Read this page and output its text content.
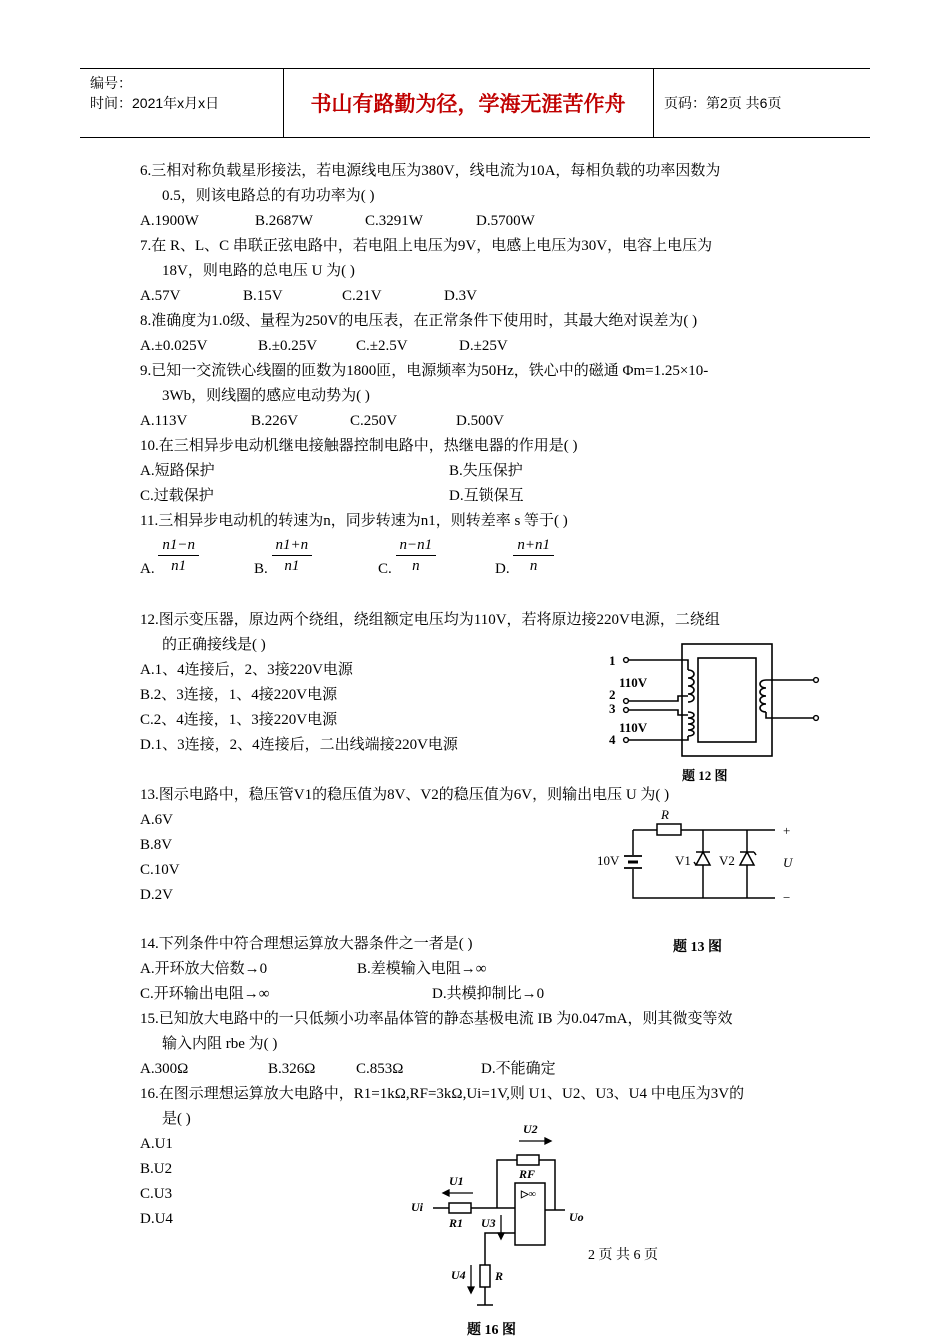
编号：
时间：2021年x月x日	书山有路勤为径，学海无涯苦作舟	页码：第2页 共6页
6.三相对称负载星形接法，若电源线电压为380V，线电流为10A，每相负载的功率因数为
0.5，则该电路总的有功功率为( )
A.1900W	B.2687W	C.3291W	D.5700W
7.在 R、L、C 串联正弦电路中，若电阻上电压为9V，电感上电压为30V，电容上电压为
18V，则电路的总电压 U 为( )
A.57V	B.15V	C.21V	D.3V
8.准确度为1.0级、量程为250V的电压表，在正常条件下使用时，其最大绝对误差为( )
A.±0.025V	B.±0.25V	C.±2.5V	D.±25V
9.已知一交流铁心线圈的匝数为1800匝，电源频率为50Hz，铁心中的磁通 Φm=1.25×10-
3Wb，则线圈的感应电动势为( )
A.113V	B.226V	C.250V	D.500V
10.在三相异步电动机继电接触器控制电路中，热继电器的作用是( )
A.短路保护	B.失压保护
C.过载保护	D.互锁保互
11.三相异步电动机的转速为n，同步转速为n1，则转差率 s 等于( )
A. $\frac{n1-n}{n1}$	B. $\frac{n1+n}{n1}$	C. $\frac{n-n1}{n}$	D. $\frac{n+n1}{n}$
12.图示变压器，原边两个绕组，绕组额定电压均为110V，若将原边接220V电源，二绕组
的正确接线是( )
A.1、4连接后，2、3接220V电源
B.2、3连接，1、4接220V电源
C.2、4连接，1、3接220V电源
D.1、3连接，2、4连接后，二出线端接220V电源
1
2
3
4
110V
110V
题 12 图
13.图示电路中，稳压管V1的稳压值为8V、V2的稳压值为6V，则输出电压 U 为( )
A.6V
B.8V
C.10V
D.2V
R
10V	V1 V2
+
−
U
题 13 图
14.下列条件中符合理想运算放大器条件之一者是( )
A.开环放大倍数→0	B.差模输入电阻→∞
C.开环输出电阻→∞	D.共模抑制比→0
15.已知放大电路中的一只低频小功率晶体管的静态基极电流 IB 为0.047mA，则其微变等效
输入内阻 rbe 为( )
A.300Ω	B.326Ω	C.853Ω	D.不能确定
16.在图示理想运算放大电路中，R1=1kΩ,RF=3kΩ,Ui=1V,则 U1、U2、U3、U4 中电压为3V的
是( )
A.U1
B.U2
C.U3
D.U4
U2
RF
U1
Ui
R1 U3	Uo
U4 R
▷∞
题 16 图
2 页 共 6 页
